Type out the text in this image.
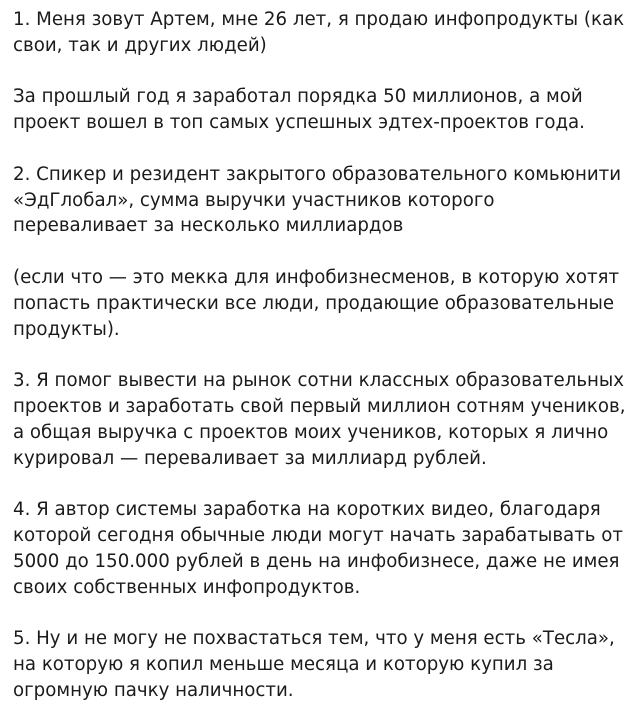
1. Меня зовут Артем, мне 26 лет, я продаю инфопродукты (как свои, так и других людей)

За прошлый год я заработал порядка 50 миллионов, а мой проект вошел в топ самых успешных эдтех-проектов года.

2. Спикер и резидент закрытого образовательного комьюнити «ЭдГлобал», сумма выручки участников которого переваливает за несколько миллиардов

(если что — это мекка для инфобизнесменов, в которую хотят попасть практически все люди, продающие образовательные продукты).

3. Я помог вывести на рынок сотни классных образовательных проектов и заработать свой первый миллион сотням учеников, а общая выручка с проектов моих учеников, которых я лично курировал — переваливает за миллиард рублей.

4. Я автор системы заработка на коротких видео, благодаря которой сегодня обычные люди могут начать зарабатывать от 5000 до 150.000 рублей в день на инфобизнесе, даже не имея своих собственных инфопродуктов.

5. Ну и не могу не похвастаться тем, что у меня есть «Тесла», на которую я копил меньше месяца и которую купил за огромную пачку наличности.
